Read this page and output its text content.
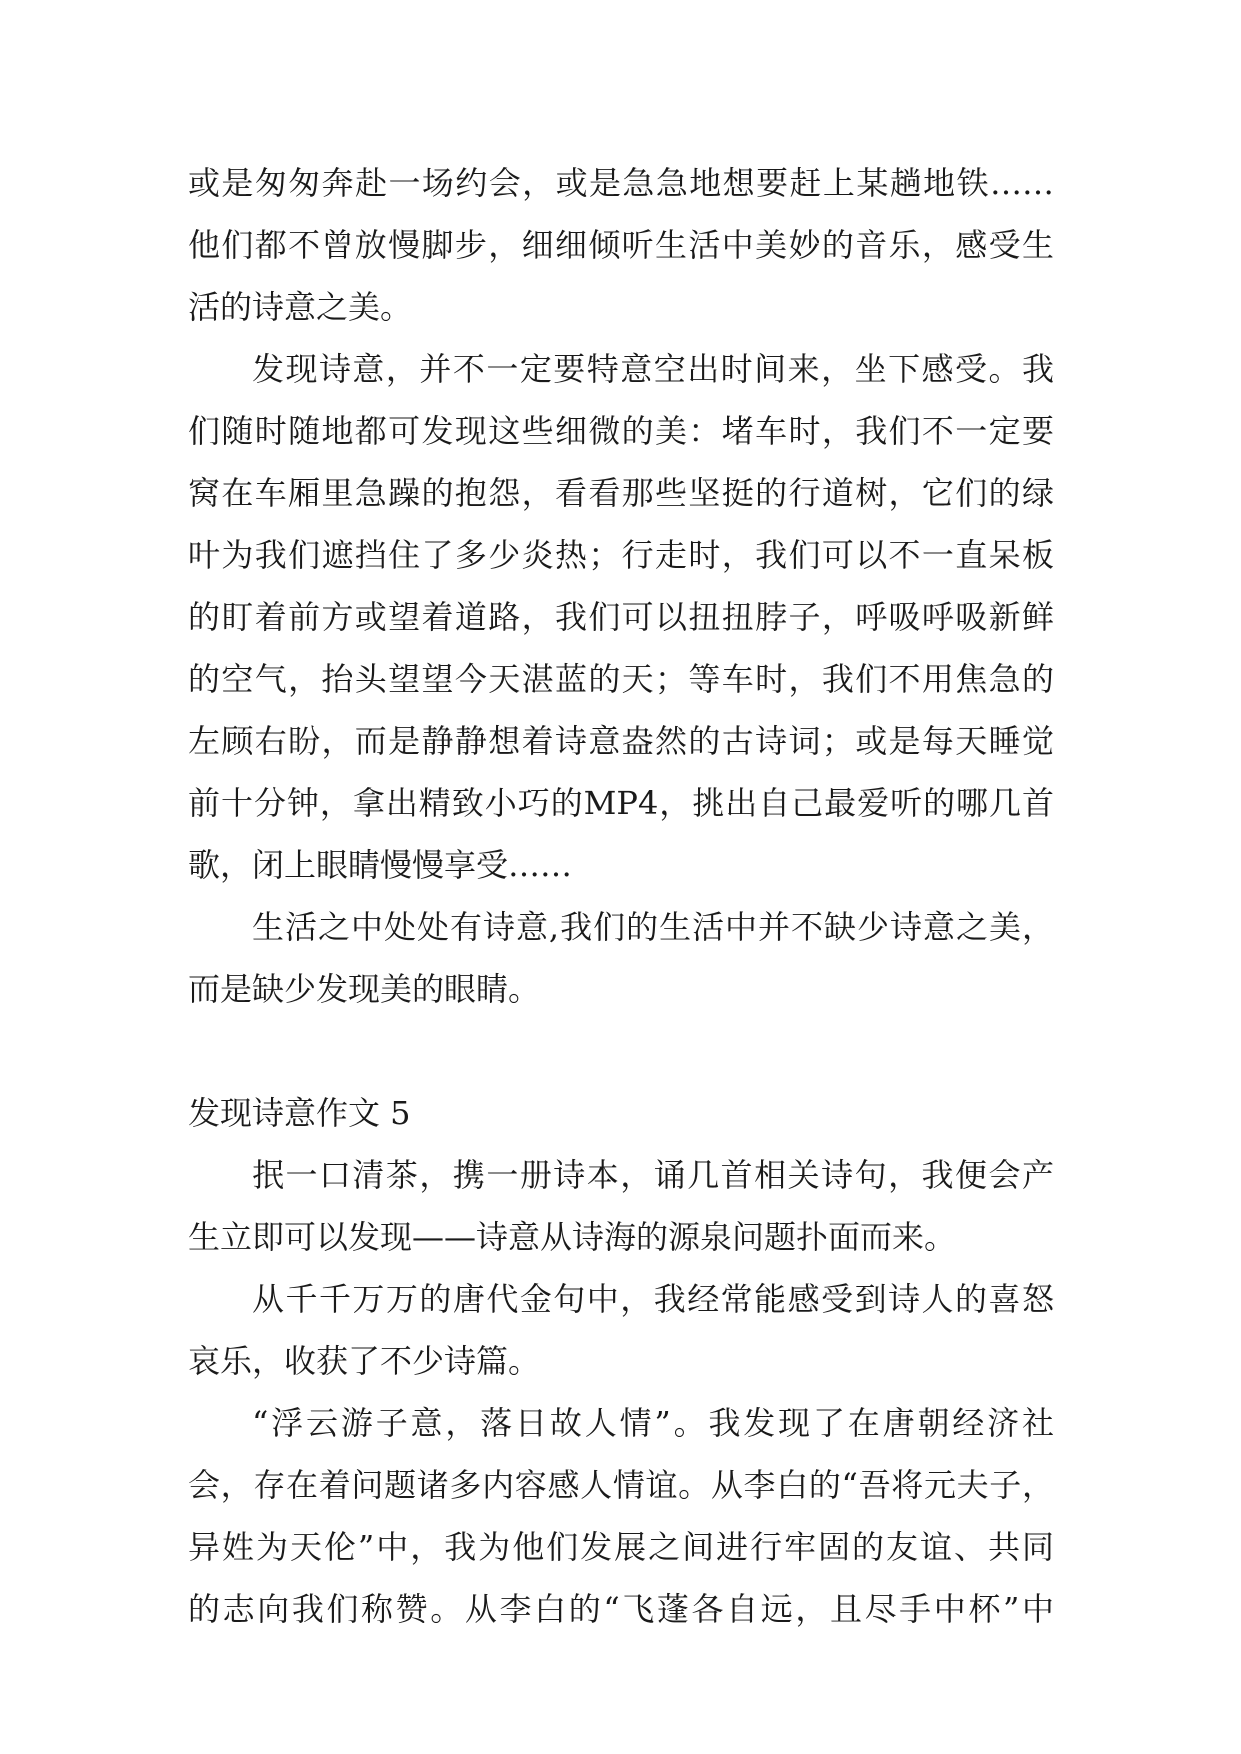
或是匆匆奔赴一场约会，或是急急地想要赶上某趟地铁……
他们都不曾放慢脚步，细细倾听生活中美妙的音乐，感受生
活的诗意之美。
发现诗意，并不一定要特意空出时间来，坐下感受。我
们随时随地都可发现这些细微的美：堵车时，我们不一定要
窝在车厢里急躁的抱怨，看看那些坚挺的行道树，它们的绿
叶为我们遮挡住了多少炎热；行走时，我们可以不一直呆板
的盯着前方或望着道路，我们可以扭扭脖子，呼吸呼吸新鲜
的空气，抬头望望今天湛蓝的天；等车时，我们不用焦急的
左顾右盼，而是静静想着诗意盎然的古诗词；或是每天睡觉
前十分钟，拿出精致小巧的MP4，挑出自己最爱听的哪几首
歌，闭上眼睛慢慢享受……
生活之中处处有诗意,我们的生活中并不缺少诗意之美，
而是缺少发现美的眼睛。
发现诗意作文 5
抿一口清茶，携一册诗本，诵几首相关诗句，我便会产
生立即可以发现——诗意从诗海的源泉问题扑面而来。
从千千万万的唐代金句中，我经常能感受到诗人的喜怒
哀乐，收获了不少诗篇。
“浮云游子意，落日故人情”。我发现了在唐朝经济社
会，存在着问题诸多内容感人情谊。从李白的“吾将元夫子，
异姓为天伦”中，我为他们发展之间进行牢固的友谊、共同
的志向我们称赞。从李白的“飞蓬各自远，且尽手中杯”中
